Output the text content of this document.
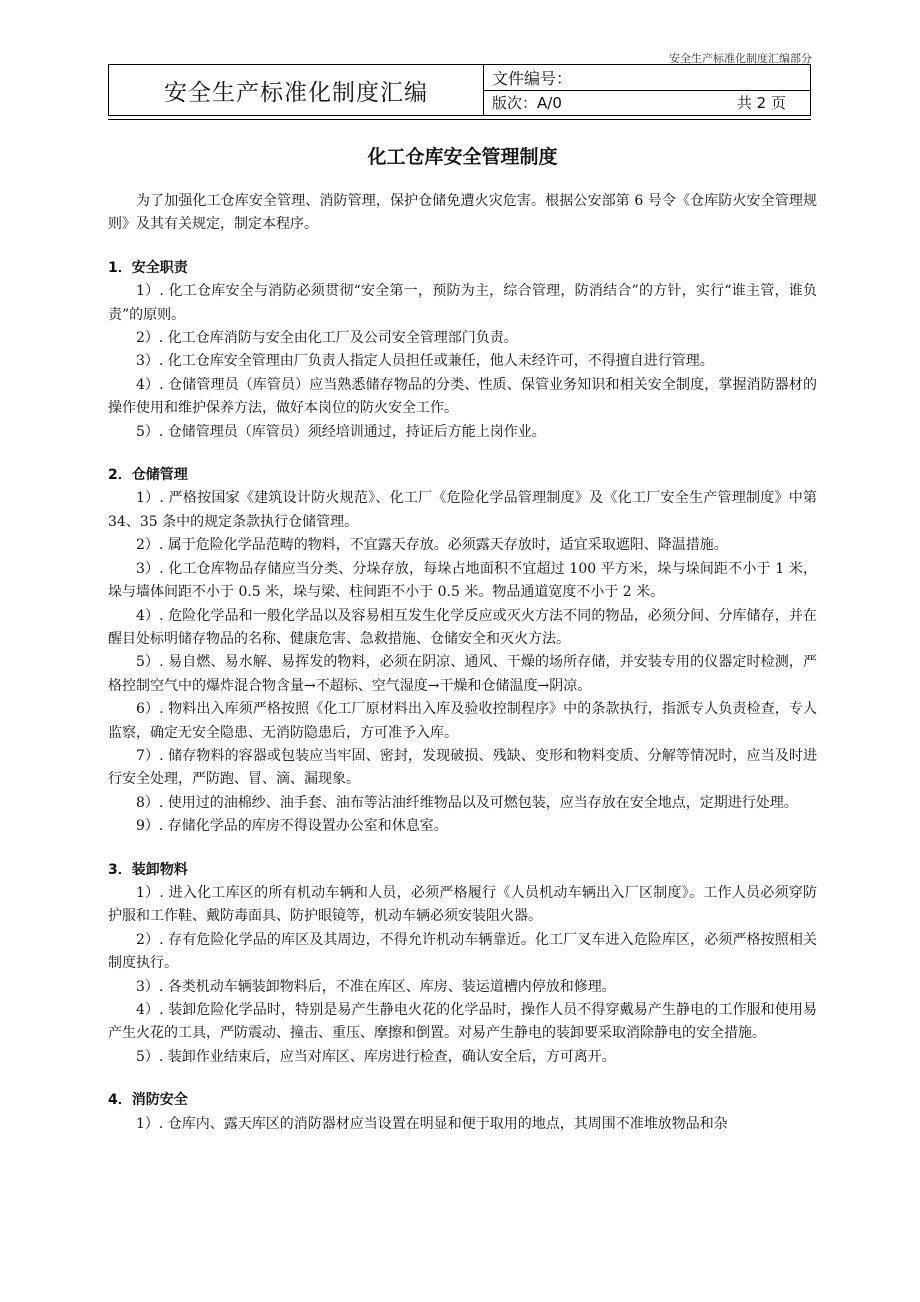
安全生产标准化制度汇编部分
安全生产标准化制度汇编
文件编号：
版次：A/0	共 2 页
化工仓库安全管理制度

为了加强化工仓库安全管理、消防管理，保护仓储免遭火灾危害。根据公安部第 6 号令《仓库防火安全管理规则》及其有关规定，制定本程序。

1．安全职责

1）. 化工仓库安全与消防必须贯彻“安全第一，预防为主，综合管理，防消结合”的方针，实行“谁主管，谁负责”的原则。

2）. 化工仓库消防与安全由化工厂及公司安全管理部门负责。

3）. 化工仓库安全管理由厂负责人指定人员担任或兼任，他人未经许可，不得擅自进行管理。

4）. 仓储管理员（库管员）应当熟悉储存物品的分类、性质、保管业务知识和相关安全制度，掌握消防器材的操作使用和维护保养方法，做好本岗位的防火安全工作。

5）. 仓储管理员（库管员）须经培训通过，持证后方能上岗作业。

2．仓储管理

1）. 严格按国家《建筑设计防火规范》、化工厂《危险化学品管理制度》及《化工厂安全生产管理制度》中第 34、35 条中的规定条款执行仓储管理。

2）. 属于危险化学品范畴的物料，不宜露天存放。必须露天存放时，适宜采取遮阳、降温措施。

3）. 化工仓库物品存储应当分类、分垛存放，每垛占地面积不宜超过 100 平方米，垛与垛间距不小于 1 米，垛与墙体间距不小于 0.5 米，垛与梁、柱间距不小于 0.5 米。物品通道宽度不小于 2 米。

4）. 危险化学品和一般化学品以及容易相互发生化学反应或灭火方法不同的物品，必须分间、分库储存，并在醒目处标明储存物品的名称、健康危害、急救措施、仓储安全和灭火方法。

5）. 易自燃、易水解、易挥发的物料，必须在阴凉、通风、干燥的场所存储，并安装专用的仪器定时检测，严格控制空气中的爆炸混合物含量→不超标、空气湿度→干燥和仓储温度→阴凉。

6）. 物料出入库须严格按照《化工厂原材料出入库及验收控制程序》中的条款执行，指派专人负责检查，专人监察，确定无安全隐患、无消防隐患后，方可准予入库。

7）. 储存物料的容器或包装应当牢固、密封，发现破损、残缺、变形和物料变质、分解等情况时，应当及时进行安全处理，严防跑、冒、滴、漏现象。

8）. 使用过的油棉纱、油手套、油布等沾油纤维物品以及可燃包装，应当存放在安全地点，定期进行处理。

9）. 存储化学品的库房不得设置办公室和休息室。

3．装卸物料

1）. 进入化工库区的所有机动车辆和人员，必须严格履行《人员机动车辆出入厂区制度》。工作人员必须穿防护服和工作鞋、戴防毒面具、防护眼镜等，机动车辆必须安装阻火器。

2）. 存有危险化学品的库区及其周边，不得允许机动车辆靠近。化工厂叉车进入危险库区，必须严格按照相关制度执行。

3）. 各类机动车辆装卸物料后，不准在库区、库房、装运道槽内停放和修理。

4）. 装卸危险化学品时，特别是易产生静电火花的化学品时，操作人员不得穿戴易产生静电的工作服和使用易产生火花的工具，严防震动、撞击、重压、摩擦和倒置。对易产生静电的装卸要采取消除静电的安全措施。

5）. 装卸作业结束后，应当对库区、库房进行检查，确认安全后，方可离开。

4．消防安全

1）. 仓库内、露天库区的消防器材应当设置在明显和便于取用的地点，其周围不准堆放物品和杂
